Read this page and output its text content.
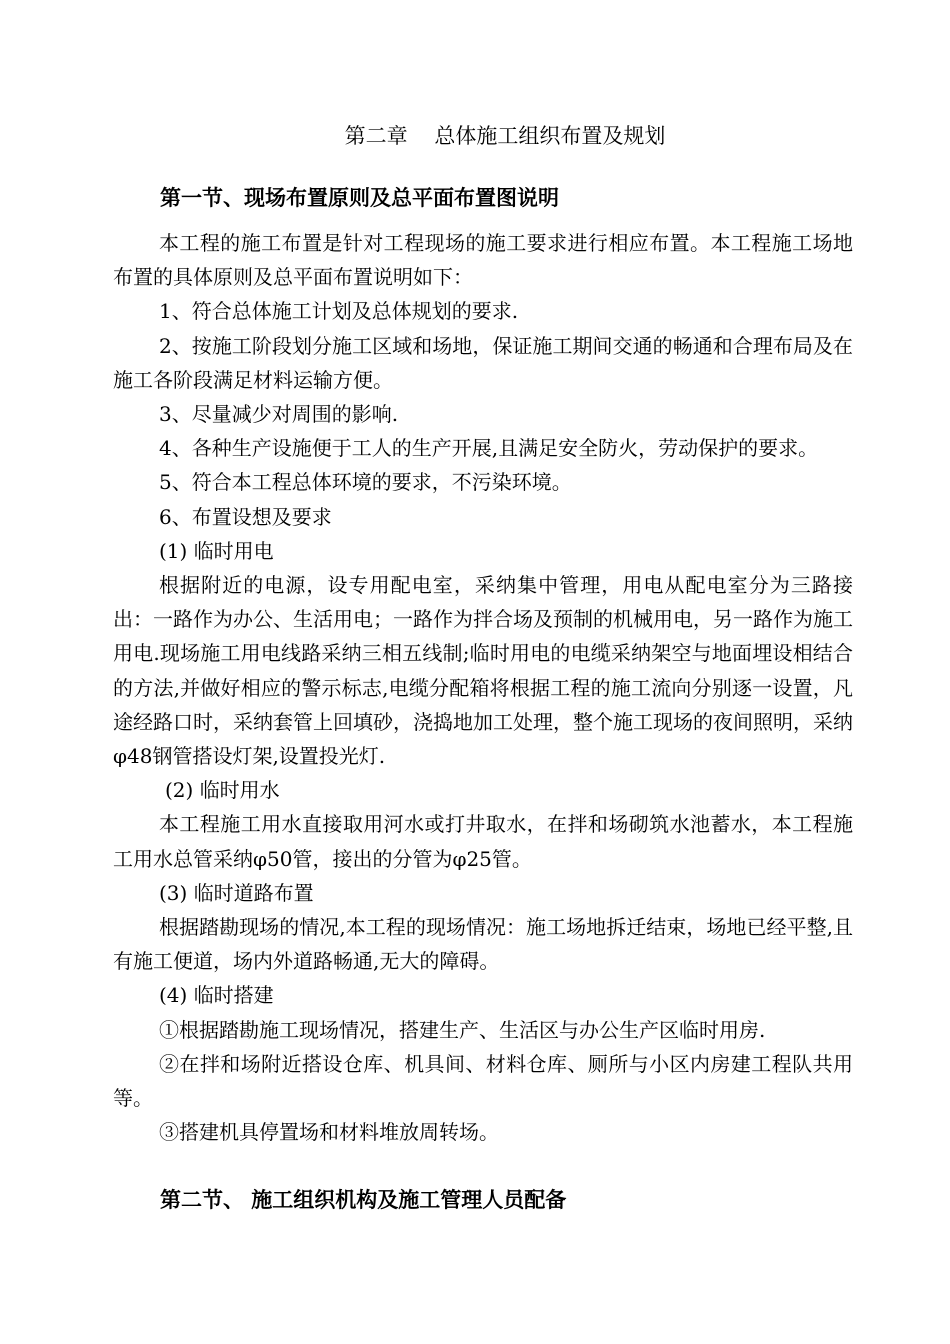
第二章    总体施工组织布置及规划
第一节、现场布置原则及总平面布置图说明

本工程的施工布置是针对工程现场的施工要求进行相应布置。本工程施工场地布置的具体原则及总平面布置说明如下：

1、符合总体施工计划及总体规划的要求.

2、按施工阶段划分施工区域和场地，保证施工期间交通的畅通和合理布局及在施工各阶段满足材料运输方便。

3、尽量减少对周围的影响.

4、各种生产设施便于工人的生产开展,且满足安全防火，劳动保护的要求。

5、符合本工程总体环境的要求，不污染环境。

6、布置设想及要求

(1) 临时用电

根据附近的电源，设专用配电室，采纳集中管理，用电从配电室分为三路接出：一路作为办公、生活用电；一路作为拌合场及预制的机械用电，另一路作为施工用电.现场施工用电线路采纳三相五线制;临时用电的电缆采纳架空与地面埋设相结合的方法,并做好相应的警示标志,电缆分配箱将根据工程的施工流向分别逐一设置，凡途经路口时，采纳套管上回填砂，浇捣地加工处理，整个施工现场的夜间照明，采纳φ48钢管搭设灯架,设置投光灯.

(2) 临时用水

本工程施工用水直接取用河水或打井取水，在拌和场砌筑水池蓄水，本工程施工用水总管采纳φ50管，接出的分管为φ25管。

(3) 临时道路布置

根据踏勘现场的情况,本工程的现场情况：施工场地拆迁结束，场地已经平整,且有施工便道，场内外道路畅通,无大的障碍。

(4) 临时搭建

①根据踏勘施工现场情况，搭建生产、生活区与办公生产区临时用房.

②在拌和场附近搭设仓库、机具间、材料仓库、厕所与小区内房建工程队共用等。

③搭建机具停置场和材料堆放周转场。

第二节、 施工组织机构及施工管理人员配备
